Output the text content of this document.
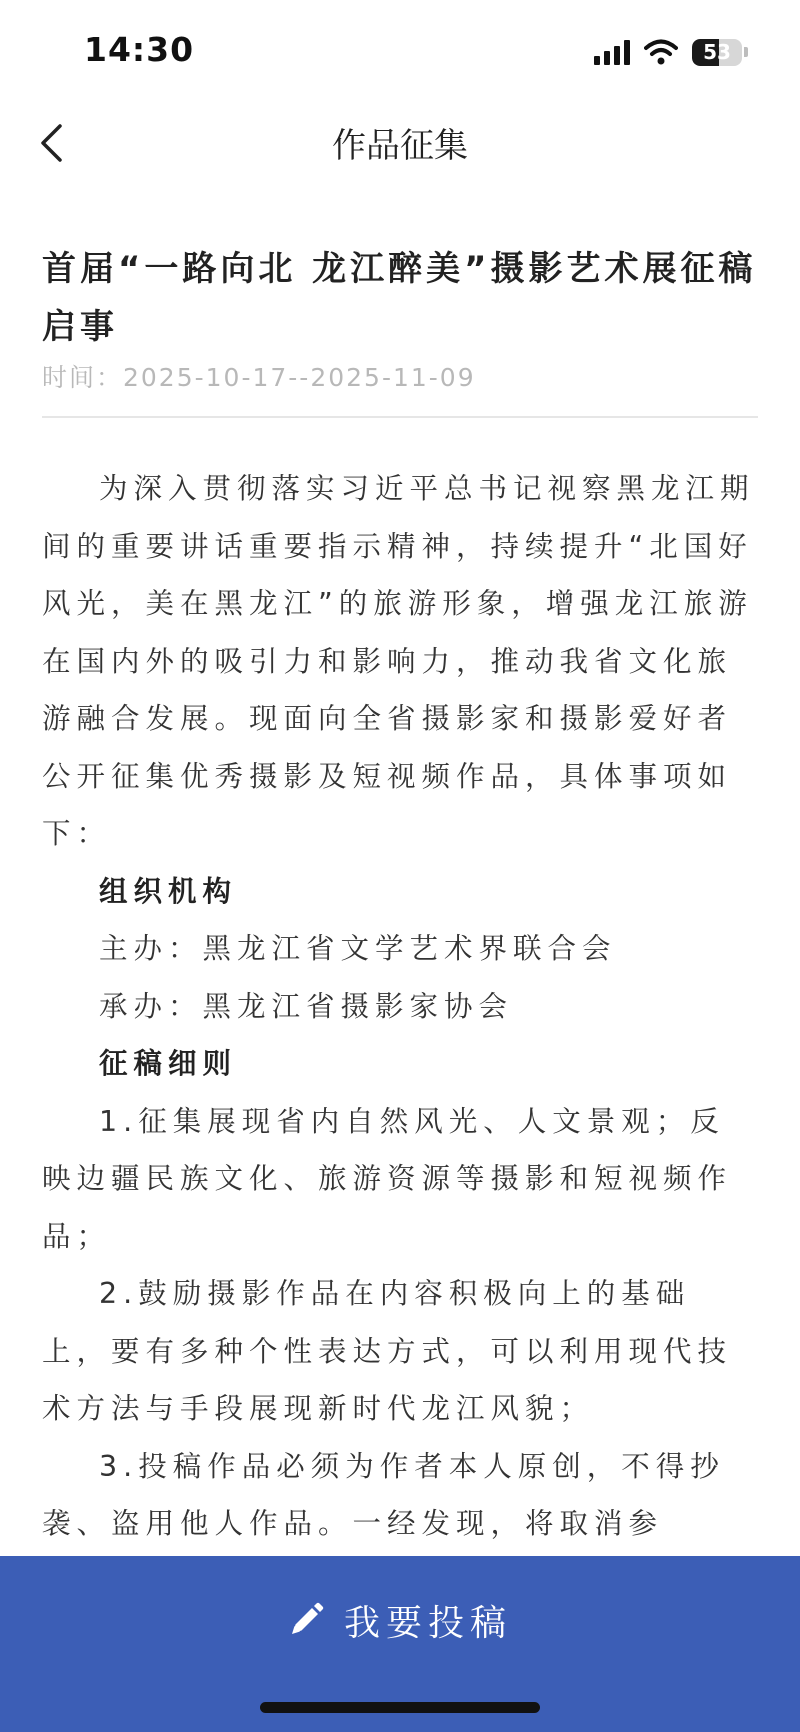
14:30	53
作品征集
首届“一路向北 龙江醉美”摄影艺术展征稿启事
时间：2025-10-17--2025-11-09

为深入贯彻落实习近平总书记视察黑龙江期间的重要讲话重要指示精神，持续提升“北国好风光，美在黑龙江”的旅游形象，增强龙江旅游在国内外的吸引力和影响力，推动我省文化旅游融合发展。现面向全省摄影家和摄影爱好者公开征集优秀摄影及短视频作品，具体事项如下：

组织机构

主办：黑龙江省文学艺术界联合会

承办：黑龙江省摄影家协会

征稿细则

1.征集展现省内自然风光、人文景观；反映边疆民族文化、旅游资源等摄影和短视频作品；

2.鼓励摄影作品在内容积极向上的基础上，要有多种个性表达方式，可以利用现代技术方法与手段展现新时代龙江风貌；

3.投稿作品必须为作者本人原创，不得抄袭、盗用他人作品。一经发现，将取消参

我要投稿
